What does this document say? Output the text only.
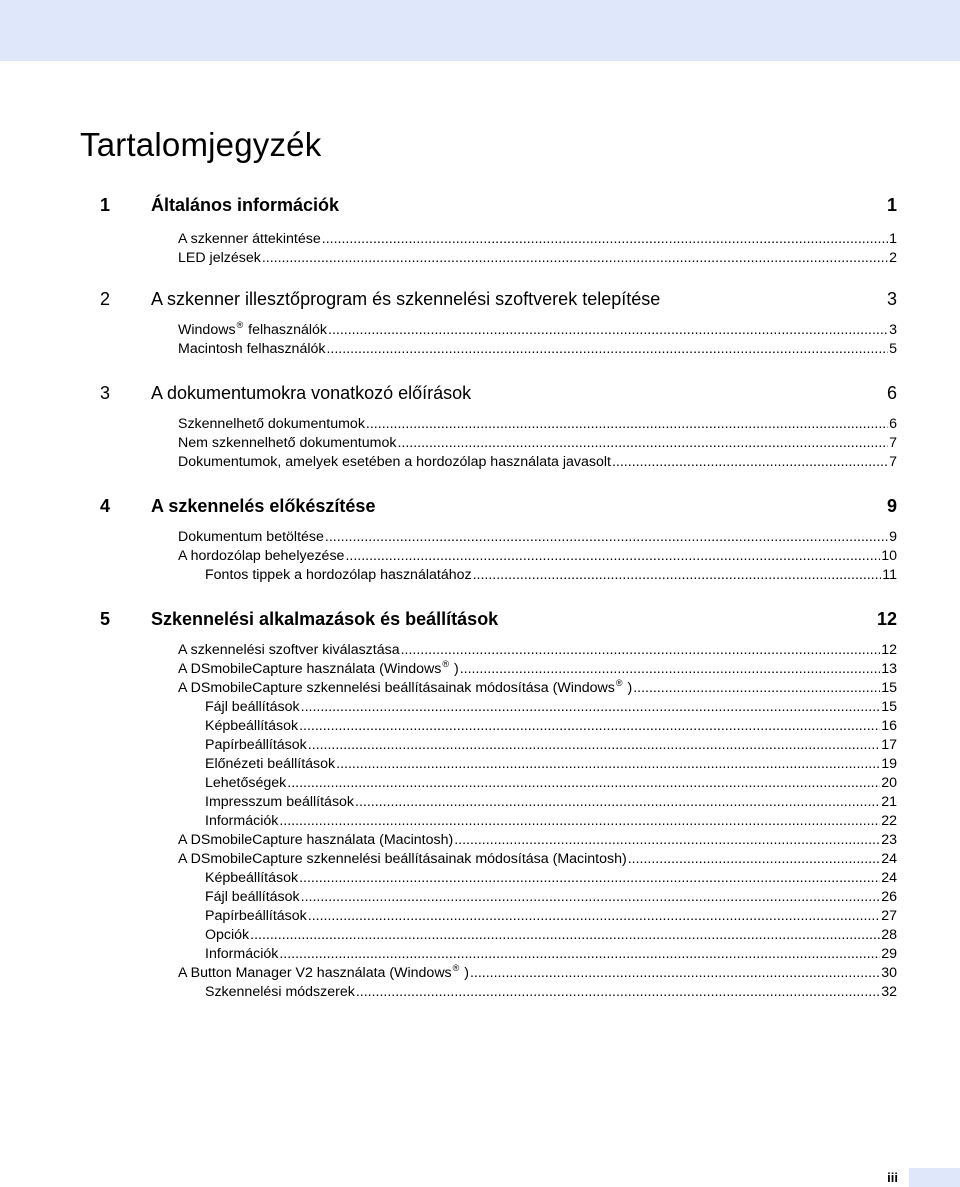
Tartalomjegyzék
1	Általános információk	1
A szkenner áttekintése .....	1
LED jelzések .....	2
2	A szkenner illesztőprogram és szkennelési szoftverek telepítése	3
Windows® felhasználók .....	3
Macintosh felhasználók .....	5
3	A dokumentumokra vonatkozó előírások	6
Szkennelhető dokumentumok .....	6
Nem szkennelhető dokumentumok .....	7
Dokumentumok, amelyek esetében a hordozólap használata javasolt .....	7
4	A szkennelés előkészítése	9
Dokumentum betöltése .....	9
A hordozólap behelyezése .....	10
Fontos tippek a hordozólap használatához .....	11
5	Szkennelési alkalmazások és beállítások	12
A szkennelési szoftver kiválasztása .....	12
A DSmobileCapture használata (Windows® ) .....	13
A DSmobileCapture szkennelési beállításainak módosítása (Windows® ) .....	15
Fájl beállítások .....	15
Képbeállítások .....	16
Papírbeállítások .....	17
Előnézeti beállítások .....	19
Lehetőségek .....	20
Impresszum beállítások .....	21
Információk .....	22
A DSmobileCapture használata (Macintosh) .....	23
A DSmobileCapture szkennelési beállításainak módosítása (Macintosh) .....	24
Képbeállítások .....	24
Fájl beállítások .....	26
Papírbeállítások .....	27
Opciók .....	28
Információk .....	29
A Button Manager V2 használata (Windows® ) .....	30
Szkennelési módszerek .....	32
iii
